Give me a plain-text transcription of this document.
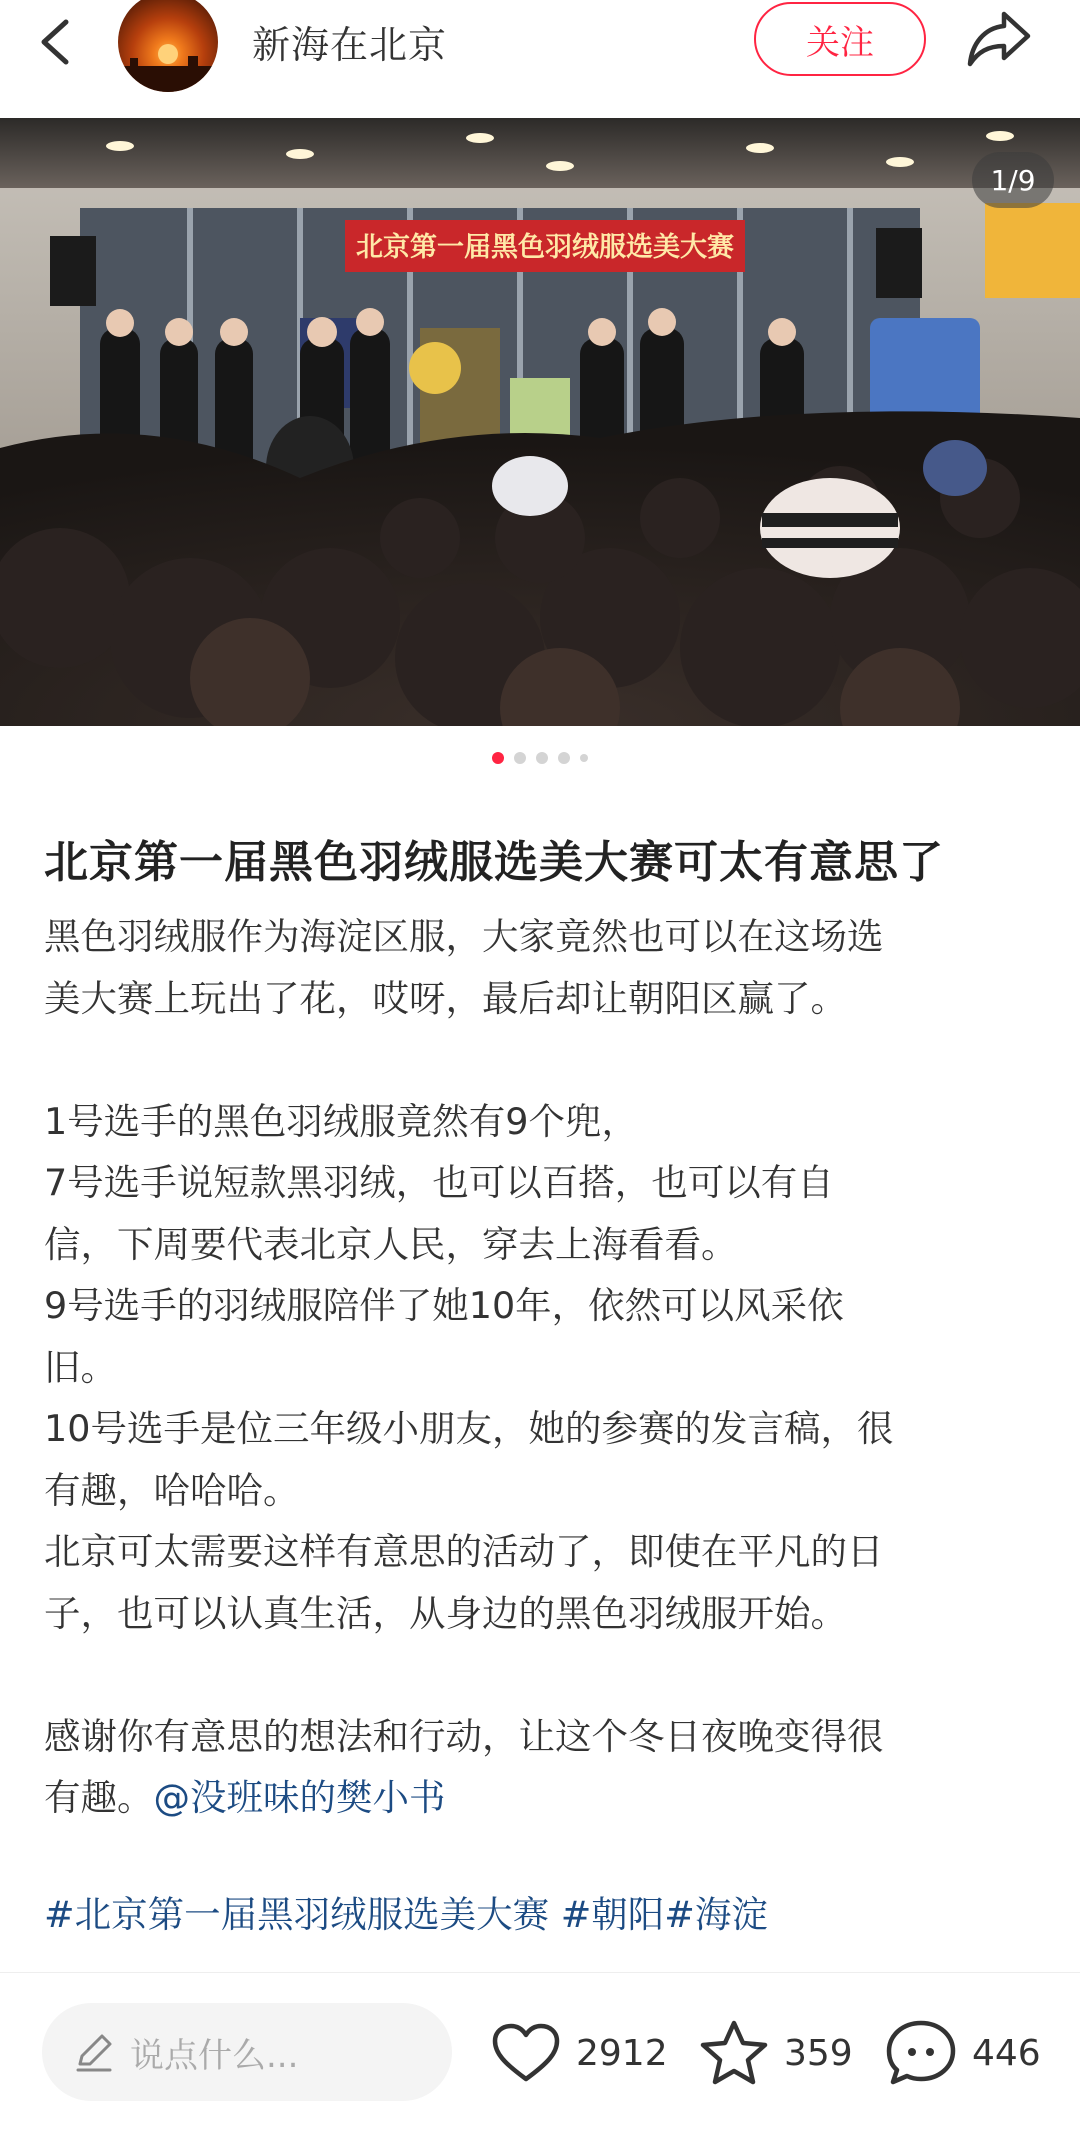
新海在北京	关注
北京第一届黑色羽绒服选美大赛
1/9
北京第一届黑色羽绒服选美大赛可太有意思了
黑色羽绒服作为海淀区服，大家竟然也可以在这场选
美大赛上玩出了花，哎呀，最后却让朝阳区赢了。
1号选手的黑色羽绒服竟然有9个兜，
7号选手说短款黑羽绒，也可以百搭，也可以有自
信，下周要代表北京人民，穿去上海看看。
9号选手的羽绒服陪伴了她10年，依然可以风采依
旧。
10号选手是位三年级小朋友，她的参赛的发言稿，很
有趣，哈哈哈。
北京可太需要这样有意思的活动了，即使在平凡的日
子，也可以认真生活，从身边的黑色羽绒服开始。
感谢你有意思的想法和行动，让这个冬日夜晚变得很
有趣。@没班味的樊小书
#北京第一届黑羽绒服选美大赛 #朝阳#海淀
说点什么...	2912	359	446
